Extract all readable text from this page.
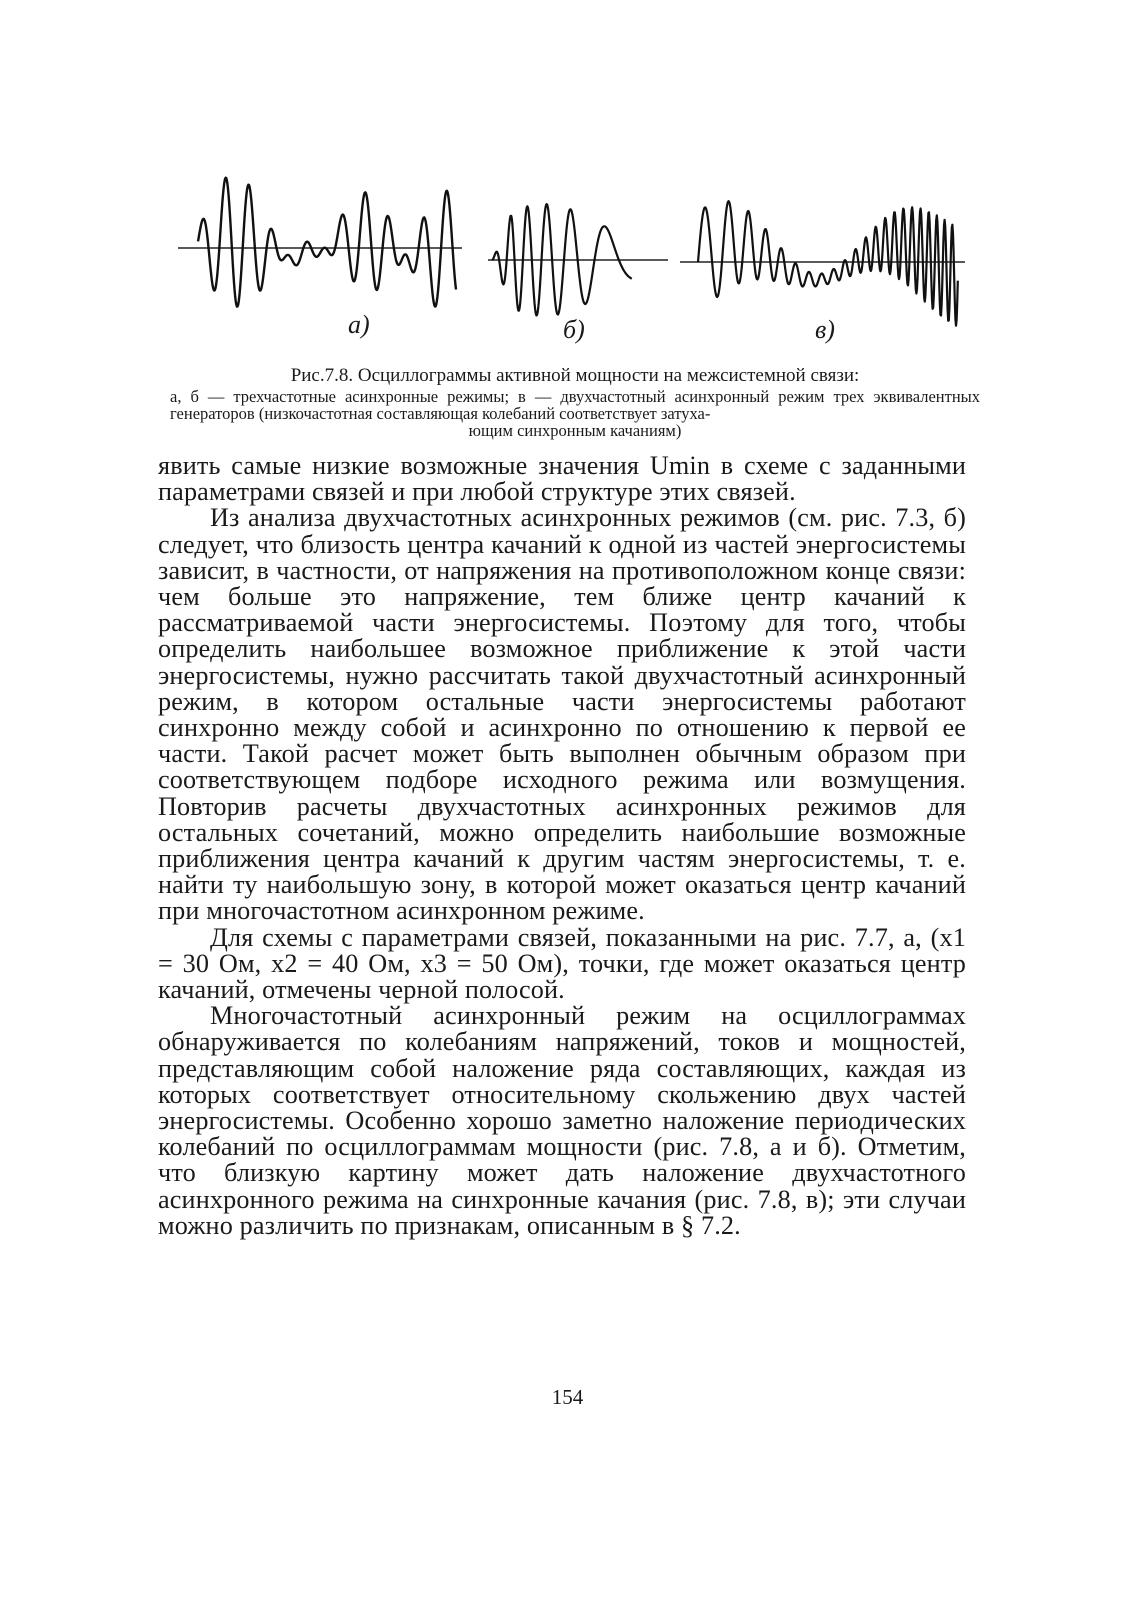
а)	б)	в)
Рис.7.8. Осциллограммы активной мощности на межсистемной связи:
а, б — трехчастотные асинхронные режимы; в — двухчастотный асинхронный режим трех эквивалентных генераторов (низкочастотная составляющая колебаний соответствует затуха-
ющим синхронным качаниям)

явить самые низкие возможные значения Umin в схеме с заданными параметрами связей и при любой структуре этих связей.

Из анализа двухчастотных асинхронных режимов (см. рис. 7.3, б) следует, что близость центра качаний к одной из частей энергосистемы зависит, в частности, от напряжения на противоположном конце связи: чем больше это напряжение, тем ближе центр качаний к рассматриваемой части энергосистемы. Поэтому для того, чтобы определить наибольшее возможное приближение к этой части энергосистемы, нужно рассчитать такой двухчастотный асинхронный режим, в котором остальные части энергосистемы работают синхронно между собой и асинхронно по отношению к первой ее части. Такой расчет может быть выполнен обычным образом при соответствующем подборе исходного режима или возмущения. Повторив расчеты двухчастотных асинхронных режимов для остальных сочетаний, можно определить наибольшие возможные приближения центра качаний к другим частям энергосистемы, т. е. найти ту наибольшую зону, в которой может оказаться центр качаний при многочастотном асинхронном режиме.

Для схемы с параметрами связей, показанными на рис. 7.7, а, (x1 = 30 Ом, x2 = 40 Ом, x3 = 50 Ом), точки, где может оказаться центр качаний, отмечены черной полосой.

Многочастотный асинхронный режим на осциллограммах обнаруживается по колебаниям напряжений, токов и мощностей, представляющим собой наложение ряда составляющих, каждая из которых соответствует относительному скольжению двух частей энергосистемы. Особенно хорошо заметно наложение периодических колебаний по осциллограммам мощности (рис. 7.8, а и б). Отметим, что близкую картину может дать наложение двухчастотного асинхронного режима на синхронные качания (рис. 7.8, в); эти случаи можно различить по признакам, описанным в § 7.2.

154
